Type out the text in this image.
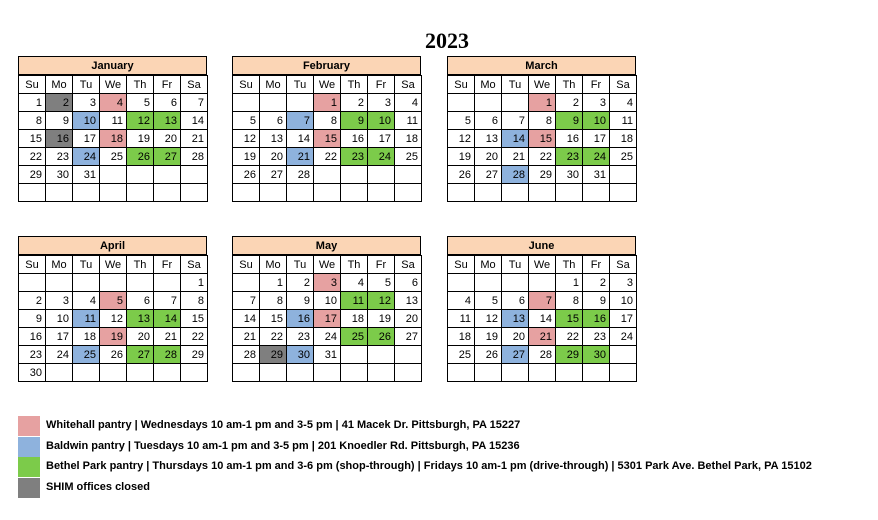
2023
January
Su	Mo	Tu	We	Th	Fr	Sa
1	2	3	4	5	6	7
8	9	10	11	12	13	14
15	16	17	18	19	20	21
22	23	24	25	26	27	28
29	30	31				

February
Su	Mo	Tu	We	Th	Fr	Sa
			1	2	3	4
5	6	7	8	9	10	11
12	13	14	15	16	17	18
19	20	21	22	23	24	25
26	27	28				

March
Su	Mo	Tu	We	Th	Fr	Sa
			1	2	3	4
5	6	7	8	9	10	11
12	13	14	15	16	17	18
19	20	21	22	23	24	25
26	27	28	29	30	31	

April
Su	Mo	Tu	We	Th	Fr	Sa
						1
2	3	4	5	6	7	8
9	10	11	12	13	14	15
16	17	18	19	20	21	22
23	24	25	26	27	28	29
30						
May
Su	Mo	Tu	We	Th	Fr	Sa
	1	2	3	4	5	6
7	8	9	10	11	12	13
14	15	16	17	18	19	20
21	22	23	24	25	26	27
28	29	30	31			

June
Su	Mo	Tu	We	Th	Fr	Sa
				1	2	3
4	5	6	7	8	9	10
11	12	13	14	15	16	17
18	19	20	21	22	23	24
25	26	27	28	29	30	

Whitehall pantry | Wednesdays 10 am-1 pm and 3-5 pm | 41 Macek Dr. Pittsburgh, PA 15227
Baldwin pantry | Tuesdays 10 am-1 pm and 3-5 pm | 201 Knoedler Rd. Pittsburgh, PA 15236
Bethel Park pantry | Thursdays 10 am-1 pm and 3-6 pm (shop-through) | Fridays 10 am-1 pm (drive-through) | 5301 Park Ave. Bethel Park, PA 15102
SHIM offices closed
